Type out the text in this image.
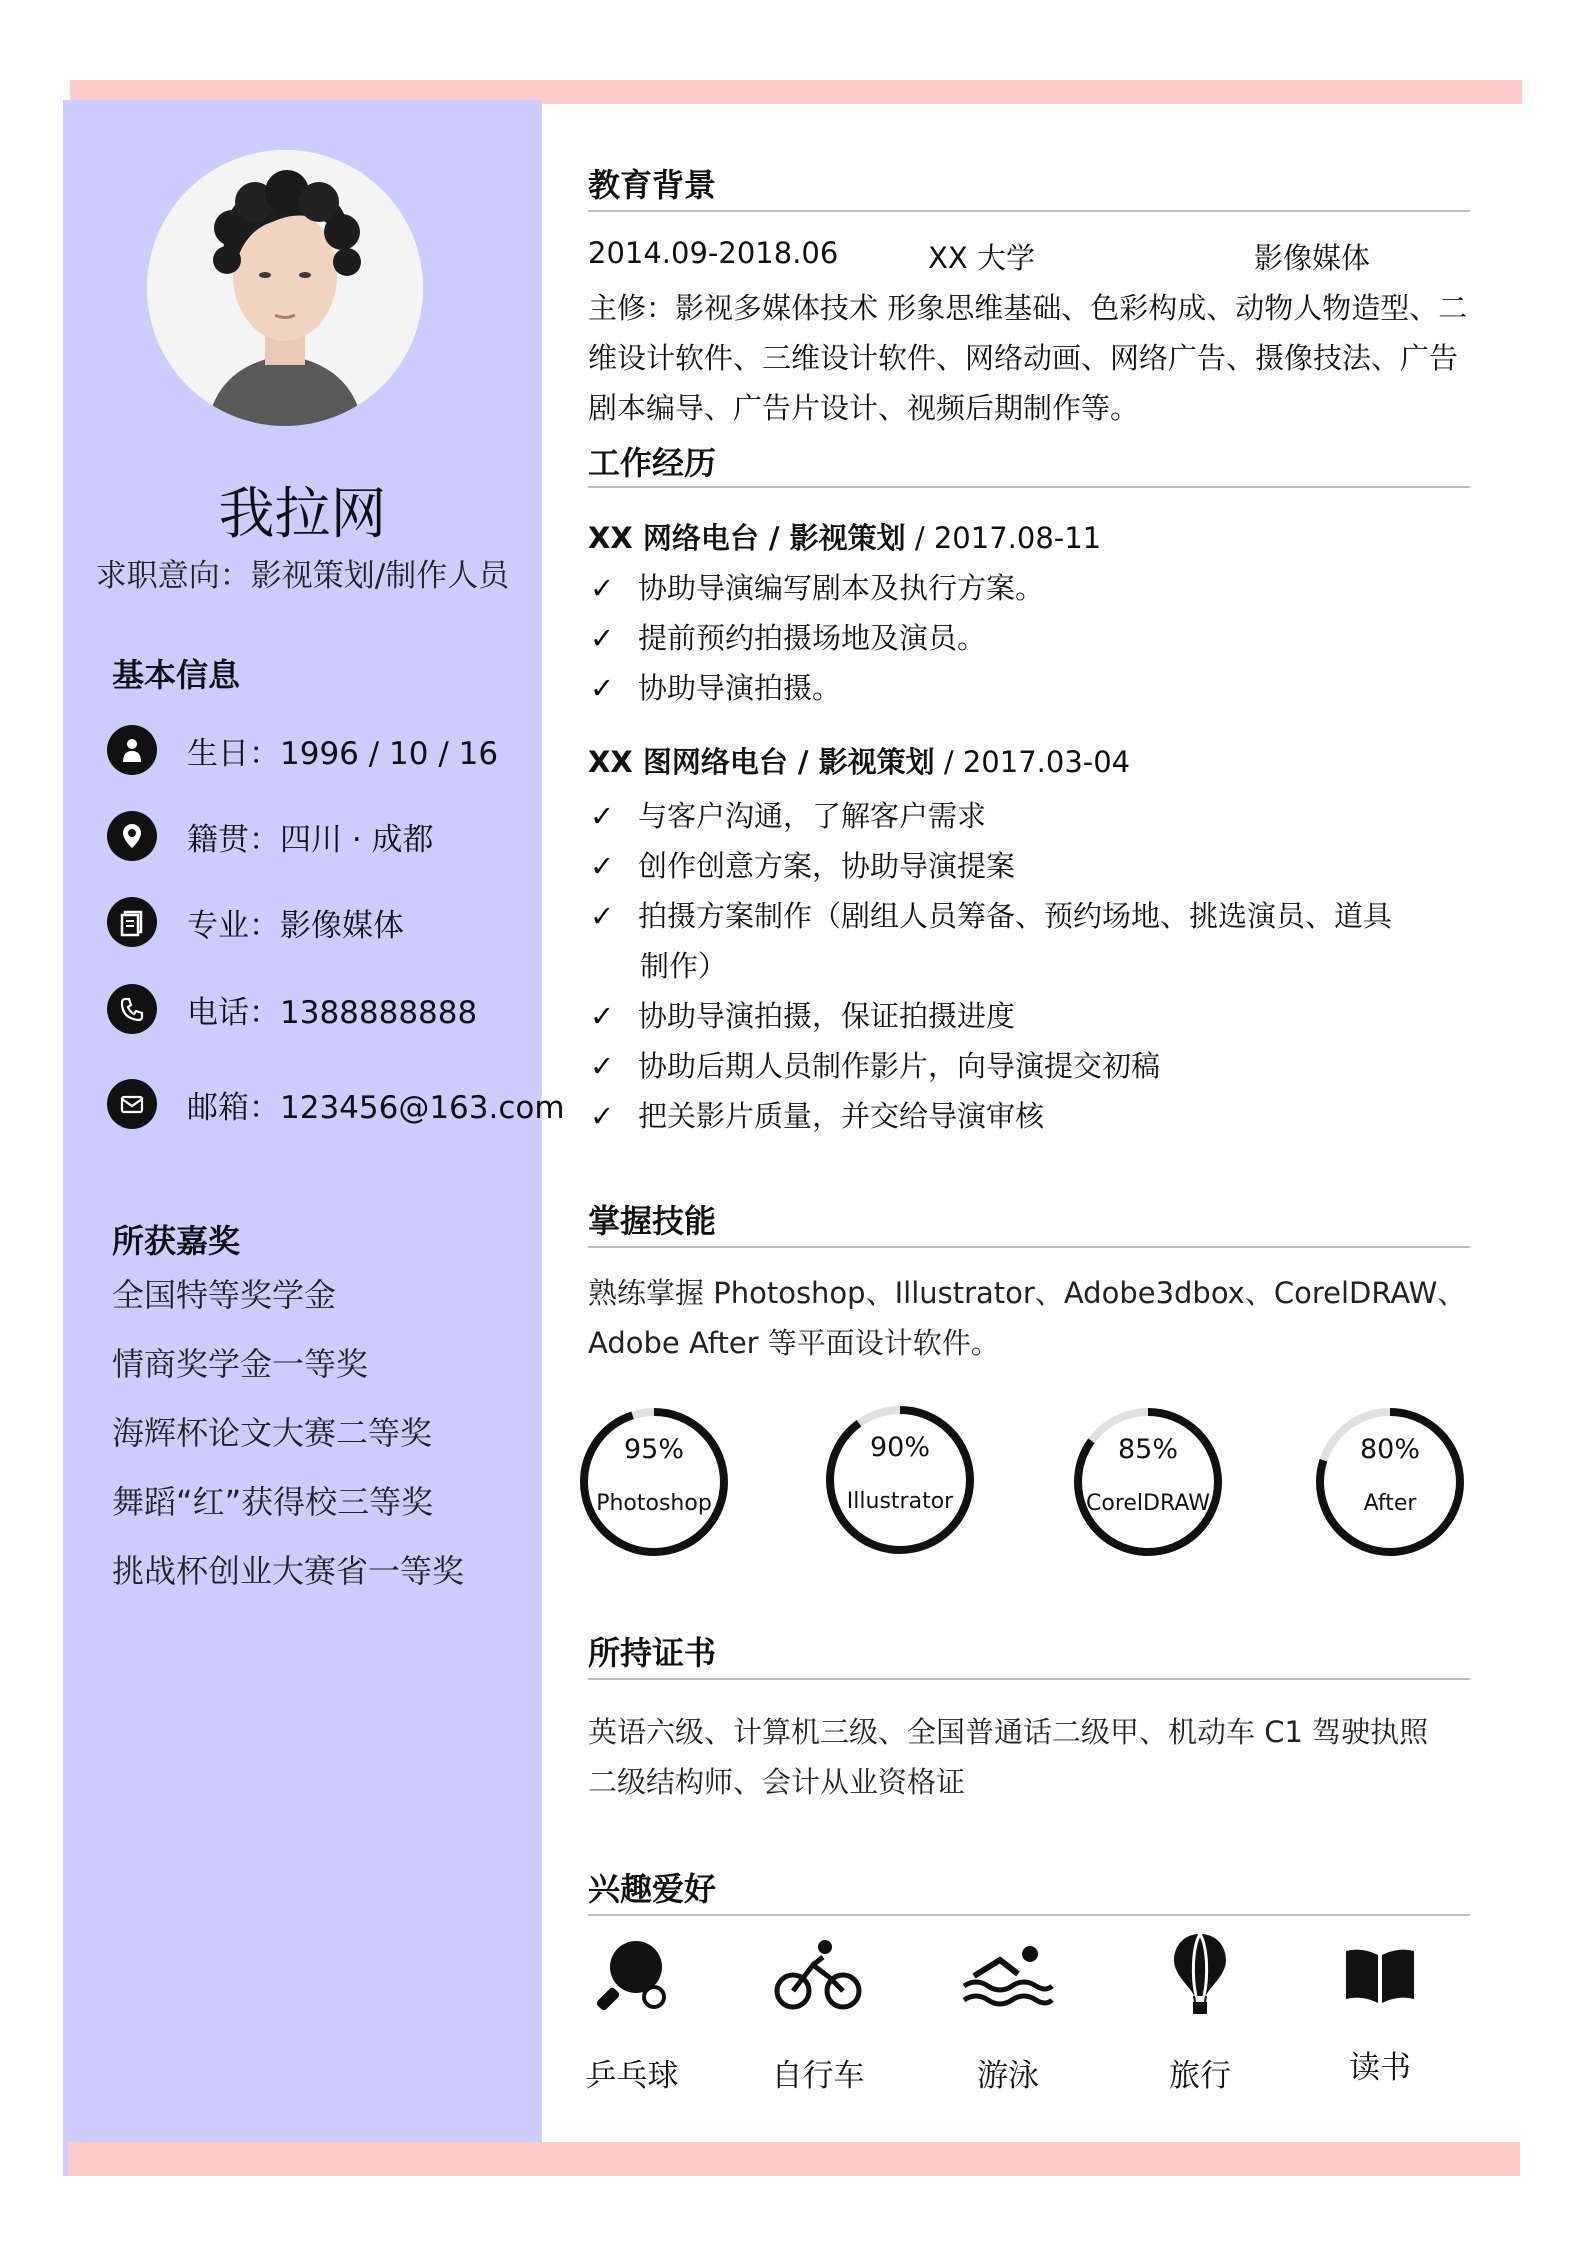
我拉网
求职意向：影视策划/制作人员
基本信息
生日：1996 / 10 / 16
籍贯：四川 · 成都
专业：影像媒体
电话：1388888888
邮箱：123456@163.com
所获嘉奖
全国特等奖学金
情商奖学金一等奖
海辉杯论文大赛二等奖
舞蹈“红”获得校三等奖
挑战杯创业大赛省一等奖
教育背景
2014.09-2018.06	XX 大学	影像媒体
主修：影视多媒体技术 形象思维基础、色彩构成、动物人物造型、二
维设计软件、三维设计软件、网络动画、网络广告、摄像技法、广告
剧本编导、广告片设计、视频后期制作等。
工作经历
XX 网络电台 / 影视策划 / 2017.08-11
✓ 协助导演编写剧本及执行方案。
✓ 提前预约拍摄场地及演员。
✓ 协助导演拍摄。
XX 图网络电台 / 影视策划 / 2017.03-04
✓ 与客户沟通，了解客户需求
✓ 创作创意方案，协助导演提案
✓ 拍摄方案制作（剧组人员筹备、预约场地、挑选演员、道具
制作）
✓ 协助导演拍摄，保证拍摄进度
✓ 协助后期人员制作影片，向导演提交初稿
✓ 把关影片质量，并交给导演审核
掌握技能
熟练掌握 Photoshop、Illustrator、Adobe3dbox、CorelDRAW、Adobe After 等平面设计软件。
95%
Photoshop
90%
Illustrator
85%
CorelDRAW
80%
After
所持证书
英语六级、计算机三级、全国普通话二级甲、机动车 C1 驾驶执照
二级结构师、会计从业资格证
兴趣爱好
乒乓球	自行车	游泳	旅行	读书
